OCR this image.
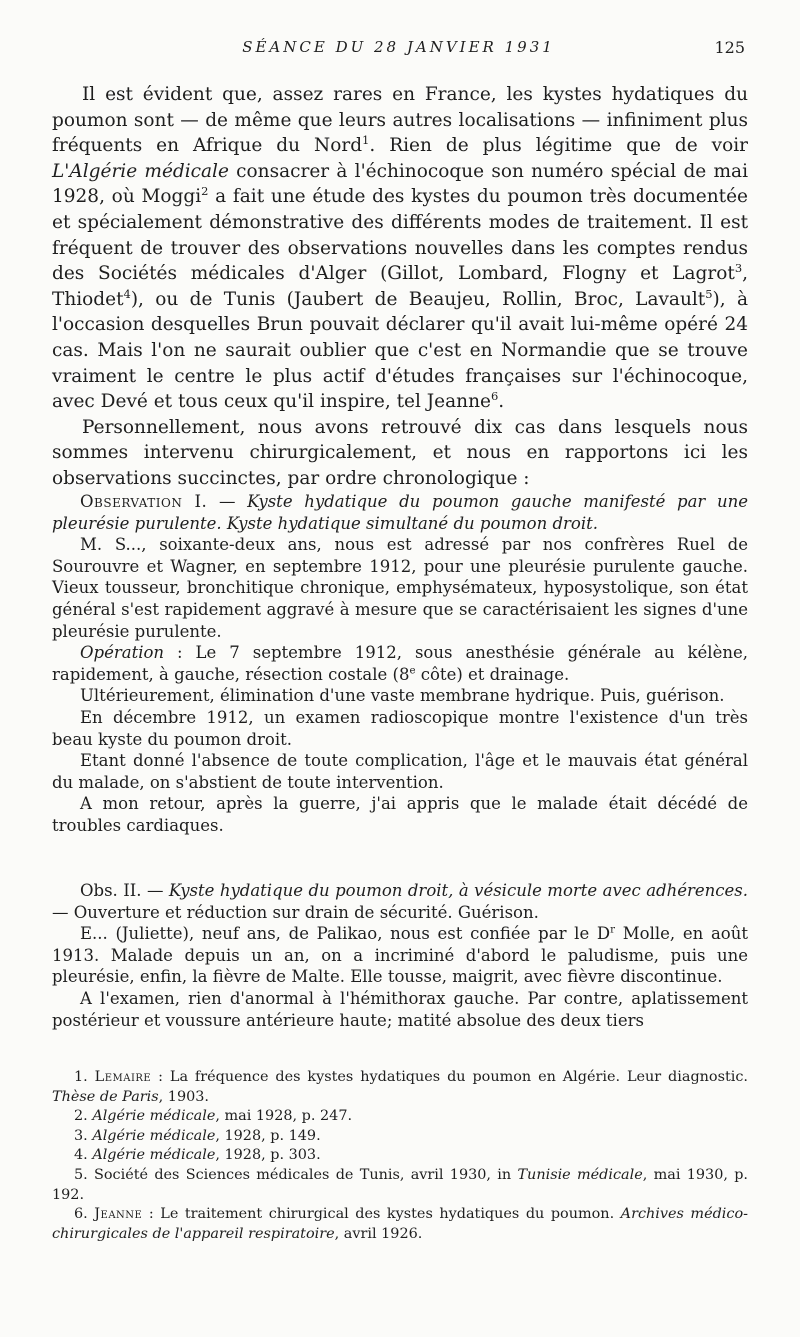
SÉANCE DU 28 JANVIER 1931	125

Il est évident que, assez rares en France, les kystes hydatiques du poumon sont — de même que leurs autres localisations — infiniment plus fréquents en Afrique du Nord$^1$. Rien de plus légitime que de voir L'Algérie médicale consacrer à l'échinocoque son numéro spécial de mai 1928, où Moggi$^2$ a fait une étude des kystes du poumon très documentée et spécialement démonstrative des différents modes de traitement. Il est fréquent de trouver des observations nouvelles dans les comptes rendus des Sociétés médicales d'Alger (Gillot, Lombard, Flogny et Lagrot$^3$, Thiodet$^4$), ou de Tunis (Jaubert de Beaujeu, Rollin, Broc, Lavault$^5$), à l'occasion desquelles Brun pouvait déclarer qu'il avait lui-même opéré 24 cas. Mais l'on ne saurait oublier que c'est en Normandie que se trouve vraiment le centre le plus actif d'études françaises sur l'échinocoque, avec Devé et tous ceux qu'il inspire, tel Jeanne$^6$.

Personnellement, nous avons retrouvé dix cas dans lesquels nous sommes intervenu chirurgicalement, et nous en rapportons ici les observations succinctes, par ordre chronologique :

Observation I. — Kyste hydatique du poumon gauche manifesté par une pleurésie purulente. Kyste hydatique simultané du poumon droit.

M. S..., soixante-deux ans, nous est adressé par nos confrères Ruel de Sourouvre et Wagner, en septembre 1912, pour une pleurésie purulente gauche. Vieux tousseur, bronchitique chronique, emphysémateux, hyposystolique, son état général s'est rapidement aggravé à mesure que se caractérisaient les signes d'une pleurésie purulente.

Opération : Le 7 septembre 1912, sous anesthésie générale au kélène, rapidement, à gauche, résection costale (8e côte) et drainage.

Ultérieurement, élimination d'une vaste membrane hydrique. Puis, guérison.

En décembre 1912, un examen radioscopique montre l'existence d'un très beau kyste du poumon droit.

Etant donné l'absence de toute complication, l'âge et le mauvais état général du malade, on s'abstient de toute intervention.

A mon retour, après la guerre, j'ai appris que le malade était décédé de troubles cardiaques.

Obs. II. — Kyste hydatique du poumon droit, à vésicule morte avec adhérences. — Ouverture et réduction sur drain de sécurité. Guérison.

E... (Juliette), neuf ans, de Palikao, nous est confiée par le $D^r$ Molle, en août 1913. Malade depuis un an, on a incriminé d'abord le paludisme, puis une pleurésie, enfin, la fièvre de Malte. Elle tousse, maigrit, avec fièvre discontinue.

A l'examen, rien d'anormal à l'hémithorax gauche. Par contre, aplatissement postérieur et voussure antérieure haute; matité absolue des deux tiers

1. Lemaire : La fréquence des kystes hydatiques du poumon en Algérie. Leur diagnostic. Thèse de Paris, 1903.

2. Algérie médicale, mai 1928, p. 247.

3. Algérie médicale, 1928, p. 149.

4. Algérie médicale, 1928, p. 303.

5. Société des Sciences médicales de Tunis, avril 1930, in Tunisie médicale, mai 1930, p. 192.

6. Jeanne : Le traitement chirurgical des kystes hydatiques du poumon. Archives médico-chirurgicales de l'appareil respiratoire, avril 1926.
